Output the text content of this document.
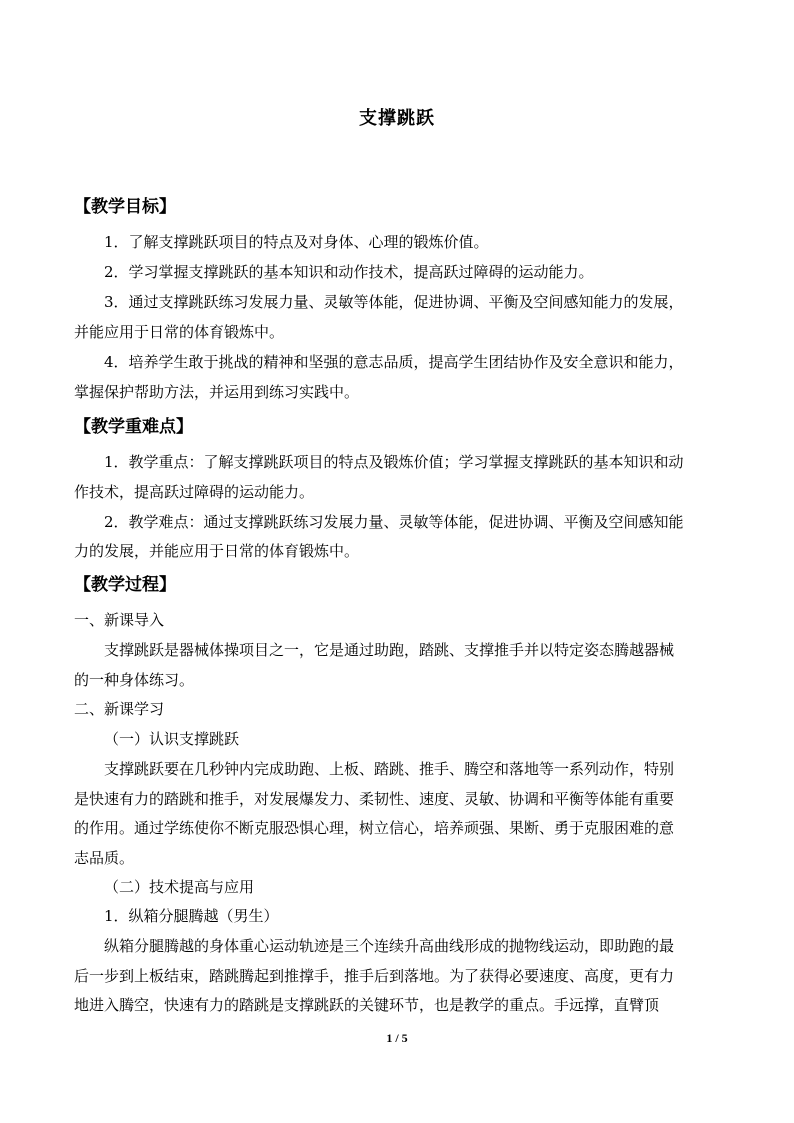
支撑跳跃
【教学目标】
1．了解支撑跳跃项目的特点及对身体、心理的锻炼价值。
2．学习掌握支撑跳跃的基本知识和动作技术，提高跃过障碍的运动能力。
3．通过支撑跳跃练习发展力量、灵敏等体能，促进协调、平衡及空间感知能力的发展，
并能应用于日常的体育锻炼中。
4．培养学生敢于挑战的精神和坚强的意志品质，提高学生团结协作及安全意识和能力，
掌握保护帮助方法，并运用到练习实践中。
【教学重难点】
1．教学重点：了解支撑跳跃项目的特点及锻炼价值；学习掌握支撑跳跃的基本知识和动
作技术，提高跃过障碍的运动能力。
2．教学难点：通过支撑跳跃练习发展力量、灵敏等体能，促进协调、平衡及空间感知能
力的发展，并能应用于日常的体育锻炼中。
【教学过程】
一、新课导入
支撑跳跃是器械体操项目之一，它是通过助跑，踏跳、支撑推手并以特定姿态腾越器械
的一种身体练习。
二、新课学习
（一）认识支撑跳跃
支撑跳跃要在几秒钟内完成助跑、上板、踏跳、推手、腾空和落地等一系列动作，特别
是快速有力的踏跳和推手，对发展爆发力、柔韧性、速度、灵敏、协调和平衡等体能有重要
的作用。通过学练使你不断克服恐惧心理，树立信心，培养顽强、果断、勇于克服困难的意
志品质。
（二）技术提高与应用
1．纵箱分腿腾越（男生）
纵箱分腿腾越的身体重心运动轨迹是三个连续升高曲线形成的抛物线运动，即助跑的最
后一步到上板结束，踏跳腾起到推撑手，推手后到落地。为了获得必要速度、高度，更有力
地进入腾空，快速有力的踏跳是支撑跳跃的关键环节，也是教学的重点。手远撑，直臂顶
1 / 5
